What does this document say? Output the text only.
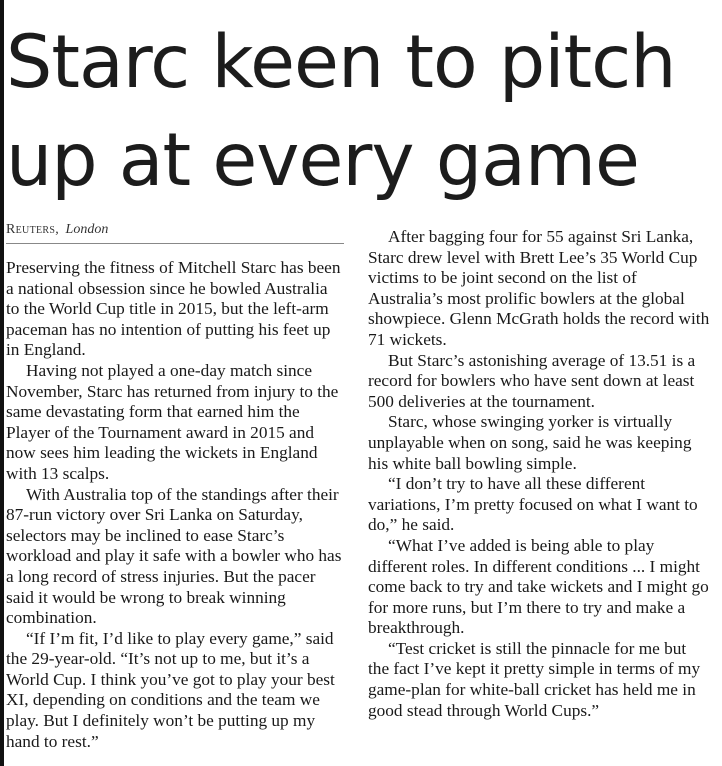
Starc keen to pitch
up at every game
Reuters, London

Preserving the fitness of Mitchell Starc has been a national obsession since he bowled Australia to the World Cup title in 2015, but the left-arm paceman has no intention of putting his feet up in England.

Having not played a one-day match since November, Starc has returned from injury to the same devastating form that earned him the Player of the Tournament award in 2015 and now sees him leading the wickets in England with 13 scalps.

With Australia top of the standings after their 87-run victory over Sri Lanka on Saturday, selectors may be inclined to ease Starc’s workload and play it safe with a bowler who has a long record of stress injuries. But the pacer said it would be wrong to break winning combination.

“If I’m fit, I’d like to play every game,” said the 29-year-old. “It’s not up to me, but it’s a World Cup. I think you’ve got to play your best XI, depending on conditions and the team we play. But I definitely won’t be putting up my hand to rest.”

After bagging four for 55 against Sri Lanka, Starc drew level with Brett Lee’s 35 World Cup victims to be joint second on the list of Australia’s most prolific bowlers at the global showpiece. Glenn McGrath holds the record with 71 wickets.

But Starc’s astonishing average of 13.51 is a record for bowlers who have sent down at least 500 deliveries at the tournament.

Starc, whose swinging yorker is virtually unplayable when on song, said he was keeping his white ball bowling simple.

“I don’t try to have all these different variations, I’m pretty focused on what I want to do,” he said.

“What I’ve added is being able to play different roles. In different conditions ... I might come back to try and take wickets and I might go for more runs, but I’m there to try and make a breakthrough.

“Test cricket is still the pinnacle for me but the fact I’ve kept it pretty simple in terms of my game-plan for white-ball cricket has held me in good stead through World Cups.”
